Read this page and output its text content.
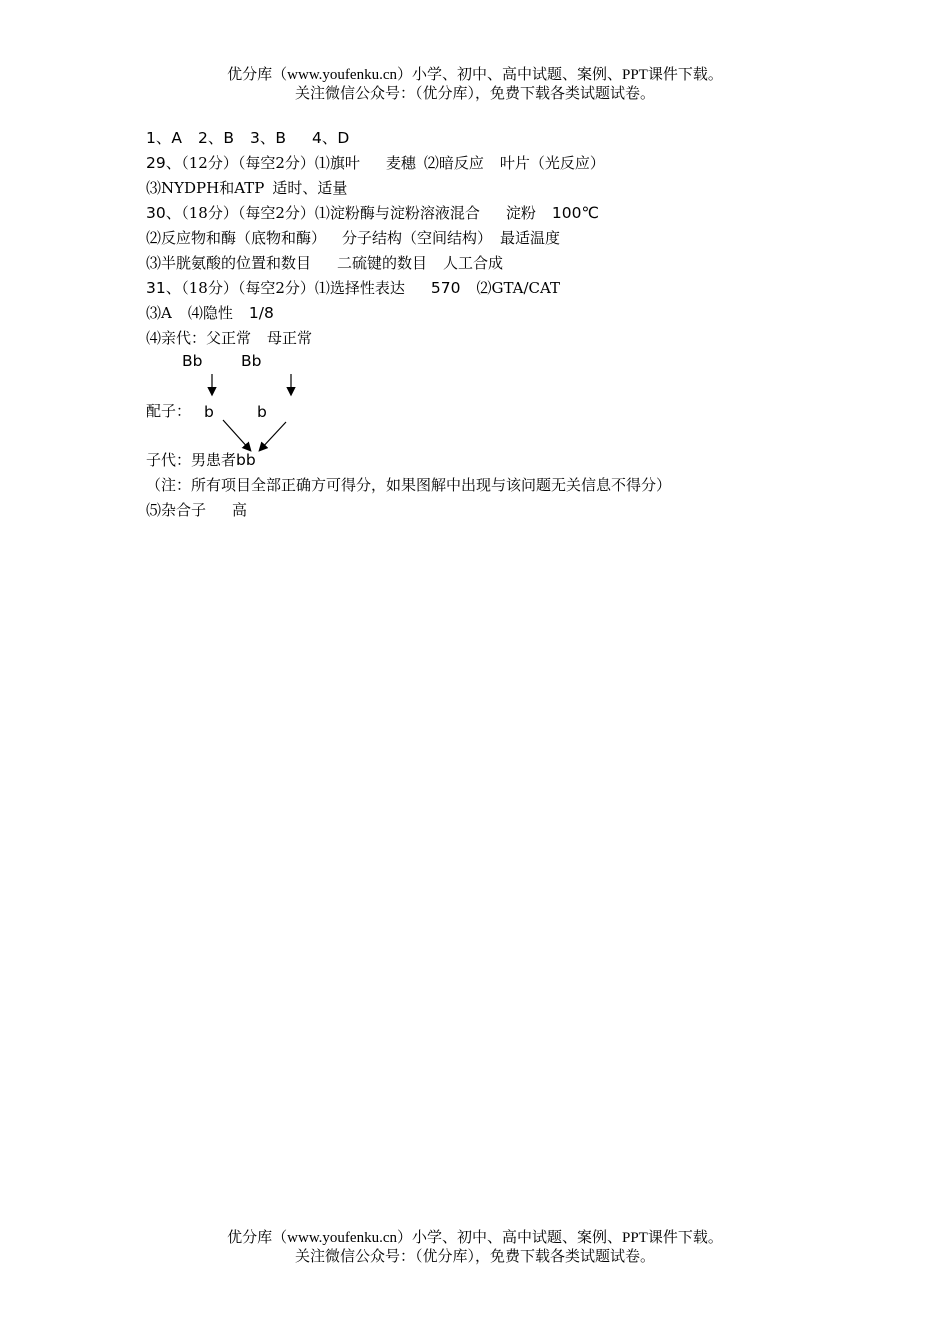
优分库（www.youfenku.cn）小学、初中、高中试题、案例、PPT课件下载。
关注微信公众号：（优分库），免费下载各类试题试卷。
1、A 2、B 3、B 4、D
29、（12分）（每空2分）⑴旗叶 麦穗 ⑵暗反应 叶片（光反应）
⑶NYDPH和ATP 适时、适量
30、（18分）（每空2分）⑴淀粉酶与淀粉溶液混合 淀粉 100℃
⑵反应物和酶（底物和酶） 分子结构（空间结构） 最适温度
⑶半胱氨酸的位置和数目 二硫键的数目 人工合成
31、（18分）（每空2分）⑴选择性表达 570 ⑵GTA/CAT
⑶A ⑷隐性 1/8
⑷亲代：父正常 母正常
Bb Bb
配子： b	b
子代：男患者bb
（注：所有项目全部正确方可得分，如果图解中出现与该问题无关信息不得分）
⑸杂合子 高
优分库（www.youfenku.cn）小学、初中、高中试题、案例、PPT课件下载。
关注微信公众号：（优分库），免费下载各类试题试卷。
